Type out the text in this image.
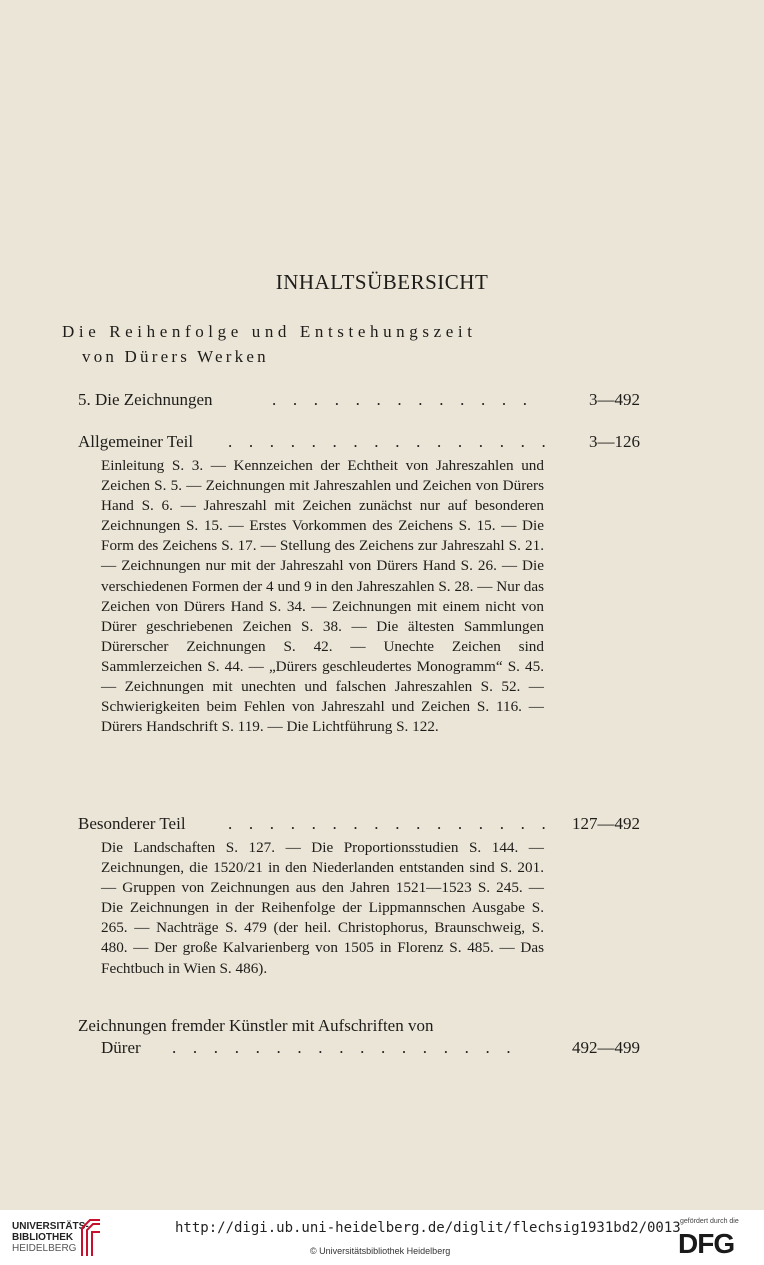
INHALTSÜBERSICHT
Die Reihenfolge und Entstehungszeit
von Dürers Werken
5. Die Zeichnungen	. . . . . . . . . . . . .	3—492
Allgemeiner Teil . . . . . . . . . . . . . . . .	3—126
Einleitung S. 3. — Kennzeichen der Echtheit von Jahreszahlen und Zeichen S. 5. — Zeichnungen mit Jahreszahlen und Zeichen von Dürers Hand S. 6. — Jahreszahl mit Zeichen zunächst nur auf besonderen Zeichnungen S. 15. — Erstes Vorkommen des Zeichens S. 15. — Die Form des Zeichens S. 17. — Stellung des Zeichens zur Jahreszahl S. 21. — Zeichnungen nur mit der Jahreszahl von Dürers Hand S. 26. — Die verschiedenen Formen der 4 und 9 in den Jahreszahlen S. 28. — Nur das Zeichen von Dürers Hand S. 34. — Zeichnungen mit einem nicht von Dürer geschriebenen Zeichen S. 38. — Die ältesten Sammlungen Dürerscher Zeichnungen S. 42. — Unechte Zeichen sind Sammlerzeichen S. 44. — „Dürers geschleudertes Monogramm“ S. 45. — Zeichnungen mit unechten und falschen Jahreszahlen S. 52. — Schwierigkeiten beim Fehlen von Jahreszahl und Zeichen S. 116. — Dürers Handschrift S. 119. — Die Lichtführung S. 122.
Besonderer Teil . . . . . . . . . . . . . . . .	127—492
Die Landschaften S. 127. — Die Proportionsstudien S. 144. — Zeichnungen, die 1520/21 in den Niederlanden entstanden sind S. 201. — Gruppen von Zeichnungen aus den Jahren 1521—1523 S. 245. — Die Zeichnungen in der Reihenfolge der Lippmannschen Ausgabe S. 265. — Nachträge S. 479 (der heil. Christophorus, Braunschweig, S. 480. — Der große Kalvarienberg von 1505 in Florenz S. 485. — Das Fechtbuch in Wien S. 486).
Zeichnungen fremder Künstler mit Aufschriften von
Dürer . . . . . . . . . . . . . . . . .	492—499
UNIVERSITÄTS-
BIBLIOTHEK
HEIDELBERG
http://digi.ub.uni-heidelberg.de/diglit/flechsig1931bd2/0013
© Universitätsbibliothek Heidelberg
gefördert durch die
DFG
